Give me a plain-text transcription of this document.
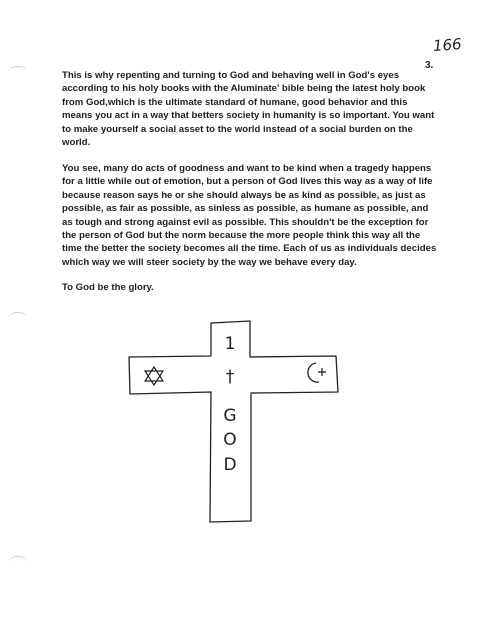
166
3.

This is why repenting and turning to God and behaving well in God's eyes according to his holy books with the Aluminate' bible being the latest holy book from God,which is the ultimate standard of humane, good behavior and this means you act in a way that betters society in humanity is so important. You want to make yourself a social asset to the world instead of a social burden on the world.

You see, many do acts of goodness and want to be kind when a tragedy happens for a little while out of emotion, but a person of God lives this way as a way of life because reason says he or she should always be as kind as possible, as just as possible, as fair as possible, as sinless as possible, as humane as possible, and as tough and strong against evil as possible. This shouldn't be the exception for the person of God but the norm because the more people think this way all the time the better the society becomes all the time. Each of us as individuals decides which way we will steer society by the way we behave every day.

To God be the glory.

1
†
G
O
D
